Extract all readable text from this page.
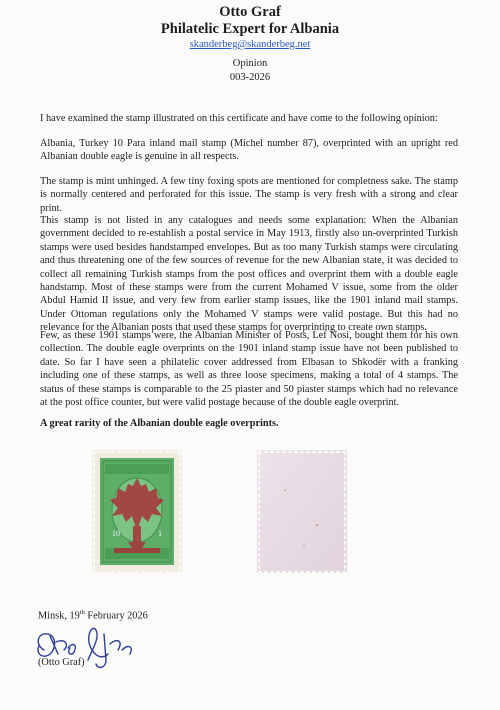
Otto Graf
Philatelic Expert for Albania
skanderbeg@skanderbeg.net
Opinion
003-2026
I have examined the stamp illustrated on this certificate and have come to the following opinion:
Albania, Turkey 10 Para inland mail stamp (Michel number 87), overprinted with an upright red Albanian double eagle is genuine in all respects.
The stamp is mint unhinged. A few tiny foxing spots are mentioned for completness sake. The stamp is normally centered and perforated for this issue. The stamp is very fresh with a strong and clear print.
This stamp is not listed in any catalogues and needs some explanation: When the Albanian government decided to re-establish a postal service in May 1913, firstly also un-overprinted Turkish stamps were used besides handstamped envelopes. But as too many Turkish stamps were circulating and thus threatening one of the few sources of revenue for the new Albanian state, it was decided to collect all remaining Turkish stamps from the post offices and overprint them with a double eagle handstamp. Most of these stamps were from the current Mohamed V issue, some from the older Abdul Hamid II issue, and very few from earlier stamp issues, like the 1901 inland mail stamps. Under Ottoman regulations only the Mohamed V stamps were valid postage. But this had no relevance for the Albanian posts that used these stamps for overprinting to create own stamps.
Few, as these 1901 stamps were, the Albanian Minister of Posts, Lef Nosi, bought them for his own collection. The double eagle overprints on the 1901 inland stamp issue have not been published to date. So far I have seen a philatelic cover addressed from Elbasan to Shkodër with a franking including one of these stamps, as well as three loose specimens, making a total of 4 stamps. The status of these stamps is comparable to the 25 piaster and 50 piaster stamps which had no relevance at the post office counter, but were valid postage because of the double eagle overprint.
A great rarity of the Albanian double eagle overprints.
10	1
Minsk, 19th February 2026
(Otto Graf)
